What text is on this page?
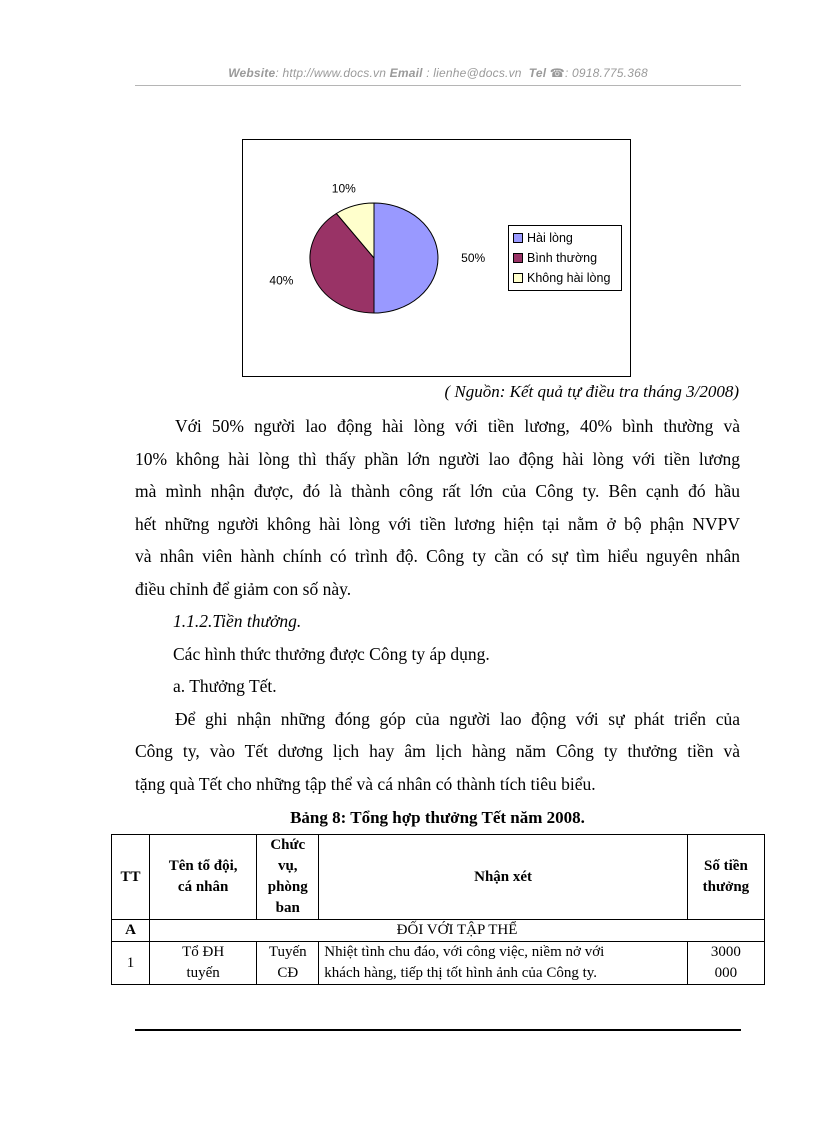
Website: http://www.docs.vn Email : lienhe@docs.vn Tel ☎: 0918.775.368
50%
40%
10%
Hài lòng
Bình thường
Không hài lòng
( Nguồn: Kết quả tự điều tra tháng 3/2008)

Với 50% người lao động hài lòng với tiền lương, 40% bình thường và

10% không hài lòng thì thấy phần lớn người lao động hài lòng với tiền lương

mà mình nhận được, đó là thành công rất lớn của Công ty. Bên cạnh đó hầu

hết những người không hài lòng với tiền lương hiện tại nằm ở bộ phận NVPV

và nhân viên hành chính có trình độ. Công ty cần có sự tìm hiểu nguyên nhân

điều chỉnh để giảm con số này.

1.1.2.Tiền thưởng.

Các hình thức thưởng được Công ty áp dụng.

a. Thưởng Tết.

Để ghi nhận những đóng góp của người lao động với sự phát triển của

Công ty, vào Tết dương lịch hay âm lịch hàng năm Công ty thưởng tiền và

tặng quà Tết cho những tập thể và cá nhân có thành tích tiêu biểu.

Bảng 8: Tổng hợp thưởng Tết năm 2008.

TT	Tên tổ đội,
cá nhân	Chức
vụ,
phòng
ban	Nhận xét	Số tiền
thưởng
A	ĐỐI VỚI TẬP THỂ			
1	Tổ ĐH
tuyến	Tuyến
CĐ	Nhiệt tình chu đáo, với công việc, niềm nở với
khách hàng, tiếp thị tốt hình ảnh của Công ty.	3000
000
